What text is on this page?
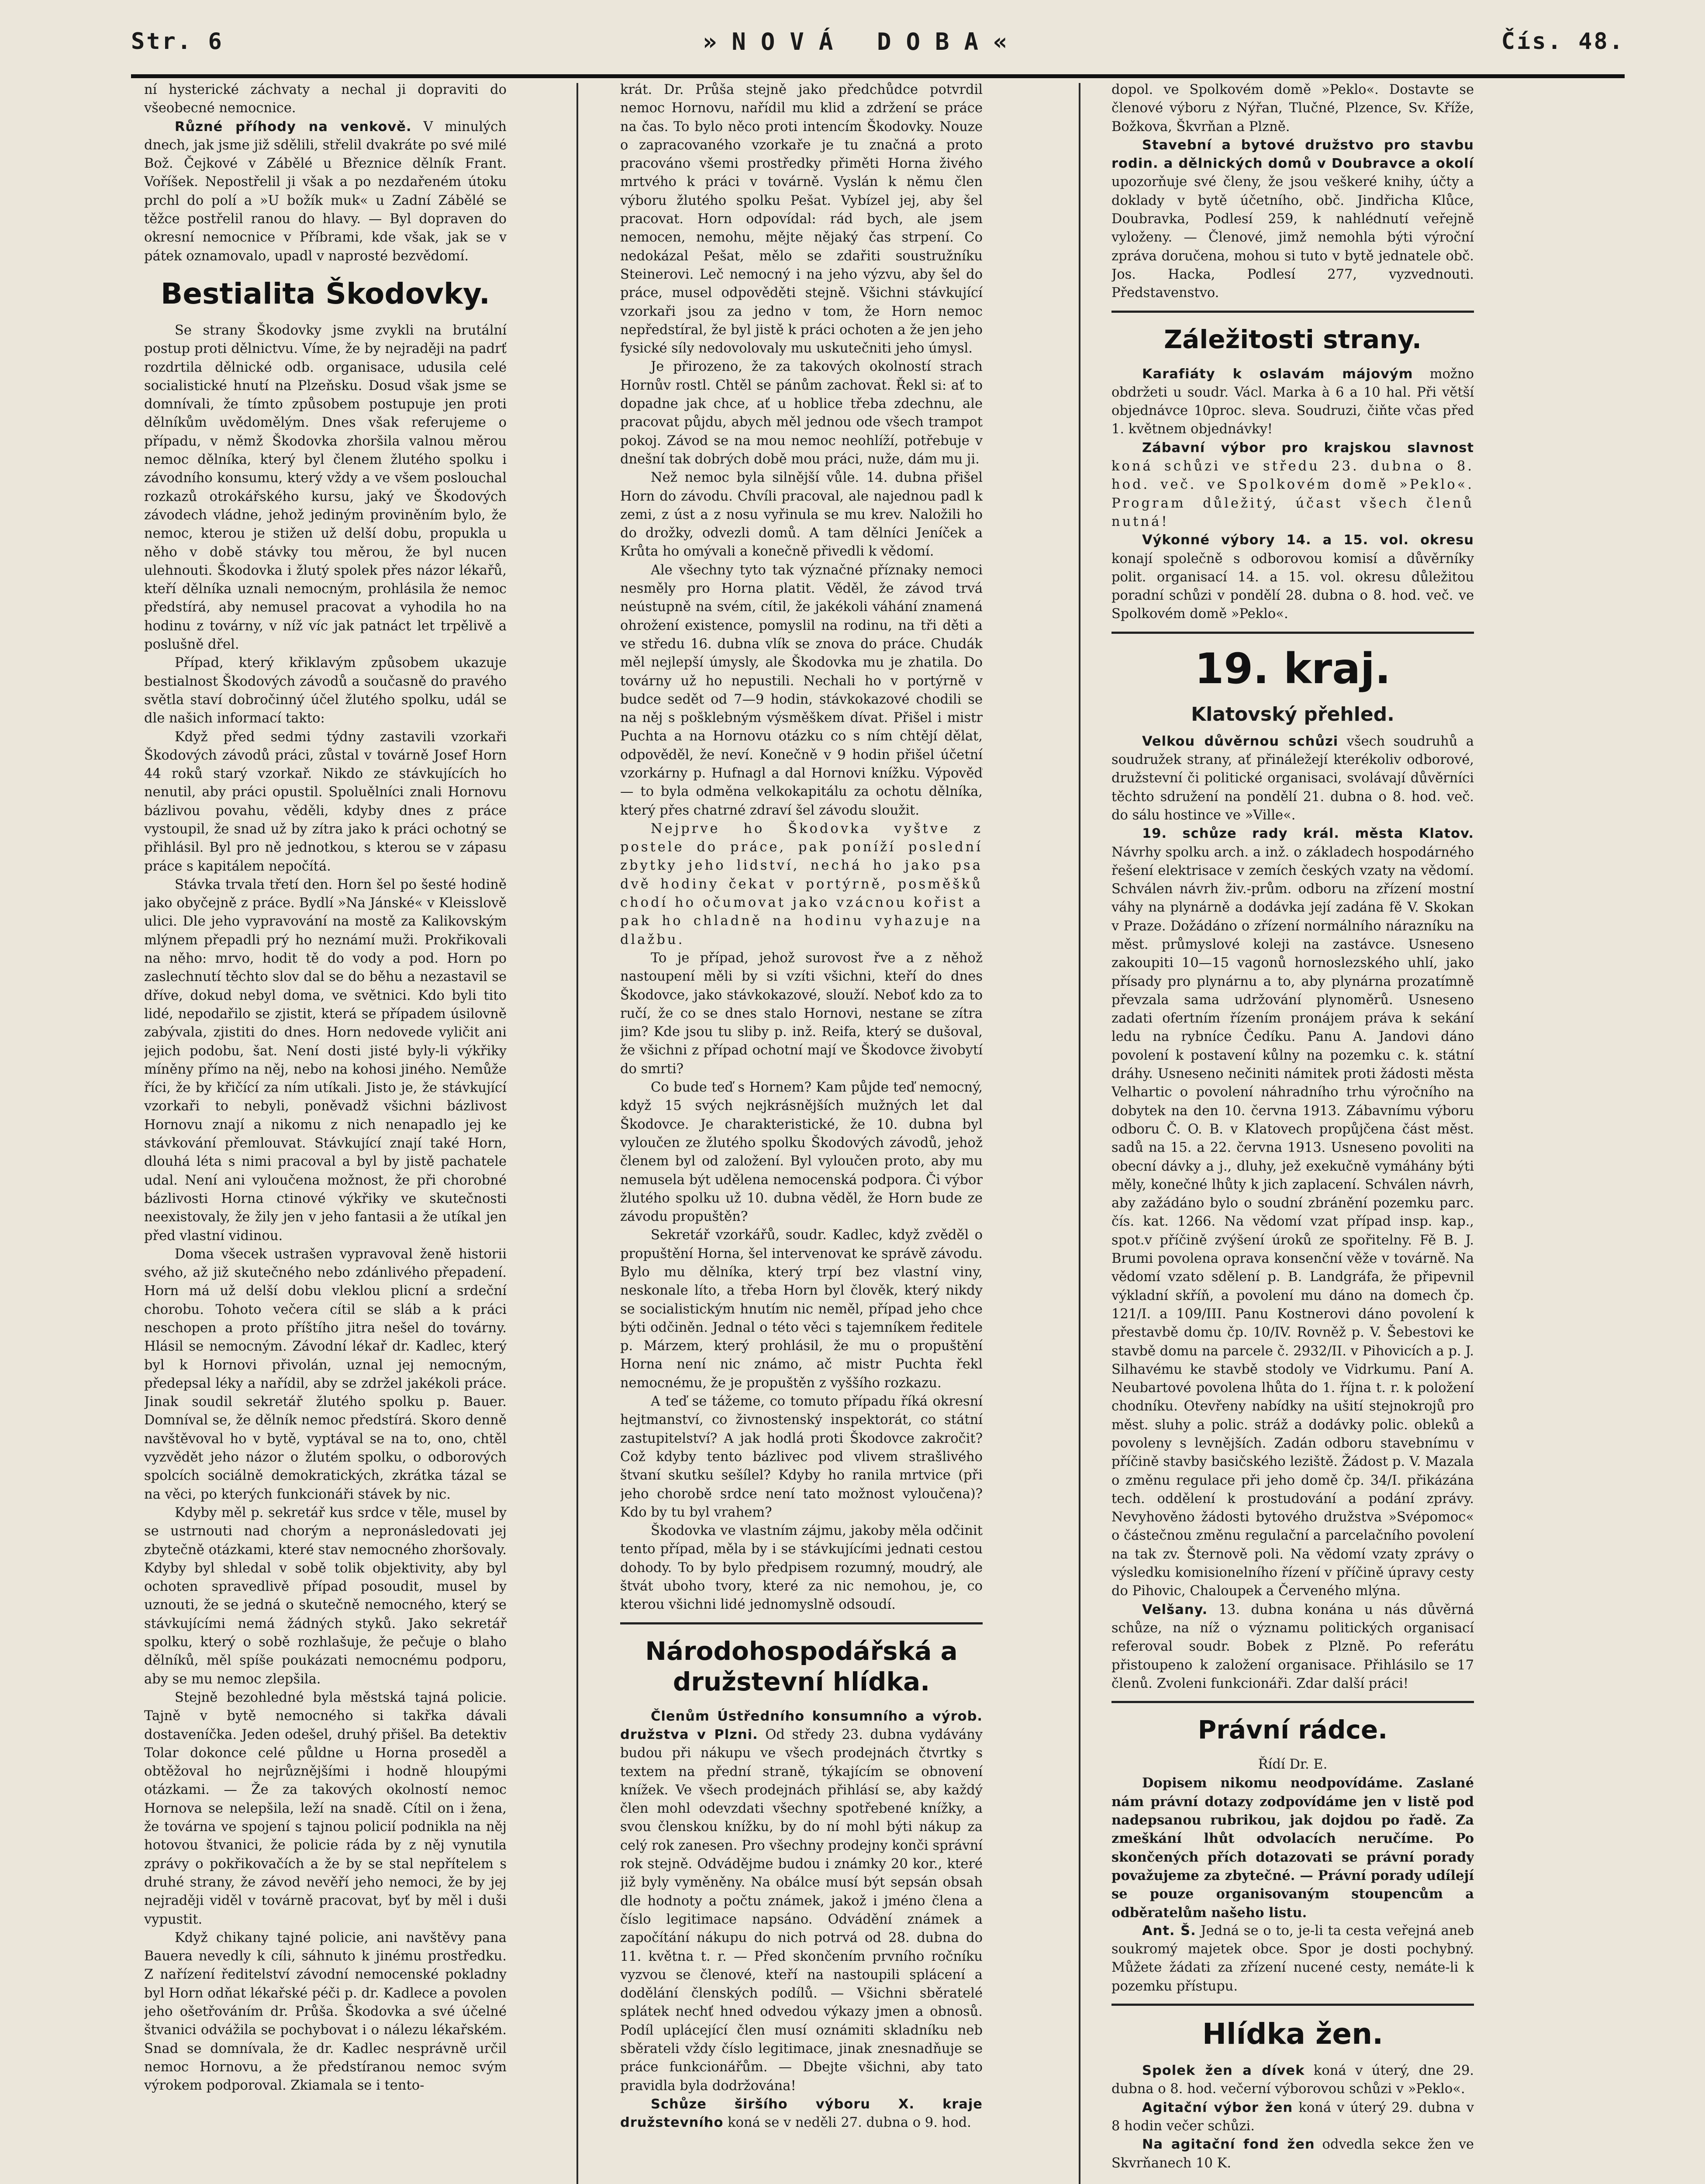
Str. 6	»NOVÁ DOBA«	Čís. 48.

ní hysterické záchvaty a nechal ji dopraviti do všeobecné nemocnice.

Různé příhody na venkově. V minulých dnech, jak jsme již sdělili, střelil dvakráte po své milé Bož. Čejkové v Zábělé u Březnice dělník Frant. Voříšek. Nepostřelil ji však a po nezdařeném útoku prchl do polí a »U božík muk« u Zadní Zábělé se těžce postřelil ranou do hlavy. — Byl dopraven do okresní nemocnice v Příbrami, kde však, jak se v pátek oznamovalo, upadl v naprosté bezvědomí.

Bestialita Škodovky.

Se strany Škodovky jsme zvykli na brutální postup proti dělnictvu. Víme, že by nejraději na padrť rozdrtila dělnické odb. organisace, udusila celé socialistické hnutí na Plzeňsku. Dosud však jsme se domnívali, že tímto způsobem postupuje jen proti dělníkům uvědomělým. Dnes však referujeme o případu, v němž Škodovka zhoršila valnou měrou nemoc dělníka, který byl členem žlutého spolku i závodního konsumu, který vždy a ve všem poslouchal rozkazů otrokářského kursu, jaký ve Škodových závodech vládne, jehož jediným proviněním bylo, že nemoc, kterou je stižen už delší dobu, propukla u něho v době stávky tou měrou, že byl nucen ulehnouti. Škodovka i žlutý spolek přes názor lékařů, kteří dělníka uznali nemocným, prohlásila že nemoc předstírá, aby nemusel pracovat a vyhodila ho na hodinu z továrny, v níž víc jak patnáct let trpělivě a poslušně dřel.

Případ, který křiklavým způsobem ukazuje bestialnost Škodových závodů a současně do pravého světla staví dobročinný účel žlutého spolku, udál se dle našich informací takto:

Když před sedmi týdny zastavili vzorkaři Škodových závodů práci, zůstal v továrně Josef Horn 44 roků starý vzorkař. Nikdo ze stávkujících ho nenutil, aby práci opustil. Spoluělníci znali Hornovu bázlivou povahu, věděli, kdyby dnes z práce vystoupil, že snad už by zítra jako k práci ochotný se přihlásil. Byl pro ně jednotkou, s kterou se v zápasu práce s kapitálem nepočítá.

Stávka trvala třetí den. Horn šel po šesté hodině jako obyčejně z práce. Bydlí »Na Jánské« v Kleisslově ulici. Dle jeho vypravování na mostě za Kalikovským mlýnem přepadli prý ho neznámí muži. Prokřikovali na něho: mrvo, hodit tě do vody a pod. Horn po zaslechnutí těchto slov dal se do běhu a nezastavil se dříve, dokud nebyl doma, ve světnici. Kdo byli tito lidé, nepodařilo se zjistit, která se případem úsilovně zabývala, zjistiti do dnes. Horn nedovede vyličit ani jejich podobu, šat. Není dosti jisté byly-li výkřiky míněny přímo na něj, nebo na kohosi jiného. Nemůže říci, že by křičící za ním utíkali. Jisto je, že stávkující vzorkaři to nebyli, poněvadž všichni bázlivost Hornovu znají a nikomu z nich nenapadlo jej ke stávkování přemlouvat. Stávkující znají také Horn, dlouhá léta s nimi pracoval a byl by jistě pachatele udal. Není ani vyloučena možnost, že při chorobné bázlivosti Horna ctinové výkřiky ve skutečnosti neexistovaly, že žily jen v jeho fantasii a že utíkal jen před vlastní vidinou.

Doma všecek ustrašen vypravoval ženě historii svého, až již skutečného nebo zdánlivého přepadení. Horn má už delší dobu vleklou plicní a srdeční chorobu. Tohoto večera cítil se sláb a k práci neschopen a proto příštího jitra nešel do továrny. Hlásil se nemocným. Závodní lékař dr. Kadlec, který byl k Hornovi přivolán, uznal jej nemocným, předepsal léky a nařídil, aby se zdržel jakékoli práce. Jinak soudil sekretář žlutého spolku p. Bauer. Domníval se, že dělník nemoc předstírá. Skoro denně navštěvoval ho v bytě, vyptával se na to, ono, chtěl vyzvědět jeho názor o žlutém spolku, o odborových spolcích sociálně demokratických, zkrátka tázal se na věci, po kterých funkcionáři stávek by nic.

Kdyby měl p. sekretář kus srdce v těle, musel by se ustrnouti nad chorým a nepronásledovati jej zbytečně otázkami, které stav nemocného zhoršovaly. Kdyby byl shledal v sobě tolik objektivity, aby byl ochoten spravedlivě případ posoudit, musel by uznouti, že se jedná o skutečně nemocného, který se stávkujícími nemá žádných styků. Jako sekretář spolku, který o sobě rozhlašuje, že pečuje o blaho dělníků, měl spíše poukázati nemocnému podporu, aby se mu nemoc zlepšila.

Stejně bezohledné byla městská tajná policie. Tajně v bytě nemocného si takřka dávali dostaveníčka. Jeden odešel, druhý přišel. Ba detektiv Tolar dokonce celé půldne u Horna proseděl a obtěžoval ho nejrůznějšími i hodně hloupými otázkami. — Že za takových okolností nemoc Hornova se nelepšila, leží na snadě. Cítil on i žena, že továrna ve spojení s tajnou policií podnikla na něj hotovou štvanici, že policie ráda by z něj vynutila zprávy o pokřikovačích a že by se stal nepřítelem s druhé strany, že závod nevěří jeho nemoci, že by jej nejraději viděl v továrně pracovat, byť by měl i duši vypustit.

Když chikany tajné policie, ani navštěvy pana Bauera nevedly k cíli, sáhnuto k jinému prostředku. Z nařízení ředitelství závodní nemocenské pokladny byl Horn odňat lékařské péči p. dr. Kadlece a povolen jeho ošetřováním dr. Průša. Škodovka a své účelné štvanici odvážila se pochybovat i o nálezu lékařském. Snad se domnívala, že dr. Kadlec nesprávně určil nemoc Hornovu, a že předstíranou nemoc svým výrokem podporoval. Zkiamala se i tento-

krát. Dr. Průša stejně jako předchůdce potvrdil nemoc Hornovu, nařídil mu klid a zdržení se práce na čas. To bylo něco proti intencím Škodovky. Nouze o zapracovaného vzorkaře je tu značná a proto pracováno všemi prostředky přiměti Horna živého mrtvého k práci v továrně. Vyslán k němu člen výboru žlutého spolku Pešat. Vybízel jej, aby šel pracovat. Horn odpovídal: rád bych, ale jsem nemocen, nemohu, mějte nějaký čas strpení. Co nedokázal Pešat, mělo se zdařiti soustružníku Steinerovi. Leč nemocný i na jeho výzvu, aby šel do práce, musel odpověděti stejně. Všichni stávkující vzorkaři jsou za jedno v tom, že Horn nemoc nepředstíral, že byl jistě k práci ochoten a že jen jeho fysické síly nedovolovaly mu uskutečniti jeho úmysl.

Je přirozeno, že za takových okolností strach Hornův rostl. Chtěl se pánům zachovat. Řekl si: ať to dopadne jak chce, ať u hoblice třeba zdechnu, ale pracovat půjdu, abych měl jednou ode všech trampot pokoj. Závod se na mou nemoc neohlíží, potřebuje v dnešní tak dobrých době mou práci, nuže, dám mu ji.

Než nemoc byla silnější vůle. 14. dubna přišel Horn do závodu. Chvíli pracoval, ale najednou padl k zemi, z úst a z nosu vyřinula se mu krev. Naložili ho do drožky, odvezli domů. A tam dělníci Jeníček a Krůta ho omývali a konečně přivedli k vědomí.

Ale všechny tyto tak význačné příznaky nemoci nesměly pro Horna platit. Věděl, že závod trvá neústupně na svém, cítil, že jakékoli váhání znamená ohrožení existence, pomyslil na rodinu, na tři děti a ve středu 16. dubna vlík se znova do práce. Chudák měl nejlepší úmysly, ale Škodovka mu je zhatila. Do továrny už ho nepustili. Nechali ho v portýrně v budce sedět od 7—9 hodin, stávkokazové chodili se na něj s pošklebným výsměškem dívat. Přišel i mistr Puchta a na Hornovu otázku co s ním chtějí dělat, odpověděl, že neví. Konečně v 9 hodin přišel účetní vzorkárny p. Hufnagl a dal Hornovi knížku. Výpověď — to byla odměna velkokapitálu za ochotu dělníka, který přes chatrné zdraví šel závodu sloužit.

Nejprve ho Škodovka vyštve z postele do práce, pak poníží poslední zbytky jeho lidství, nechá ho jako psa dvě hodiny čekat v portýrně, posměšků chodí ho očumovat jako vzácnou kořist a pak ho chladně na hodinu vyhazuje na dlažbu.

To je případ, jehož surovost řve a z něhož nastoupení měli by si vzíti všichni, kteří do dnes Škodovce, jako stávkokazové, slouží. Neboť kdo za to ručí, že co se dnes stalo Hornovi, nestane se zítra jim? Kde jsou tu sliby p. inž. Reifa, který se dušoval, že všichni z případ ochotní mají ve Škodovce živobytí do smrti?

Co bude teď s Hornem? Kam půjde teď nemocný, když 15 svých nejkrásnějších mužných let dal Škodovce. Je charakteristické, že 10. dubna byl vyloučen ze žlutého spolku Škodových závodů, jehož členem byl od založení. Byl vyloučen proto, aby mu nemusela být udělena nemocenská podpora. Či výbor žlutého spolku už 10. dubna věděl, že Horn bude ze závodu propuštěn?

Sekretář vzorkářů, soudr. Kadlec, když zvěděl o propuštění Horna, šel intervenovat ke správě závodu. Bylo mu dělníka, který trpí bez vlastní viny, neskonale líto, a třeba Horn byl člověk, který nikdy se socialistickým hnutím nic neměl, případ jeho chce býti odčiněn. Jednal o této věci s tajemníkem ředitele p. Márzem, který prohlásil, že mu o propuštění Horna není nic známo, ač mistr Puchta řekl nemocnému, že je propuštěn z vyššího rozkazu.

A teď se tážeme, co tomuto případu říká okresní hejtmanství, co živnostenský inspektorát, co státní zastupitelství? A jak hodlá proti Škodovce zakročit? Což kdyby tento bázlivec pod vlivem strašlivého štvaní skutku sešílel? Kdyby ho ranila mrtvice (při jeho chorobě srdce není tato možnost vyloučena)? Kdo by tu byl vrahem?

Škodovka ve vlastním zájmu, jakoby měla odčinit tento případ, měla by i se stávkujícími jednati cestou dohody. To by bylo předpisem rozumný, moudrý, ale štvát uboho tvory, které za nic nemohou, je, co kterou všichni lidé jednomyslně odsoudí.

Národohospodářská a družstevní hlídka.

Členům Ústředního konsumního a výrob. družstva v Plzni. Od středy 23. dubna vydávány budou při nákupu ve všech prodejnách čtvrtky s textem na přední straně, týkajícím se obnovení knížek. Ve všech prodejnách přihlásí se, aby každý člen mohl odevzdati všechny spotřebené knížky, a svou členskou knížku, by do ní mohl býti nákup za celý rok zanesen. Pro všechny prodejny konči správní rok stejně. Odvádějme budou i známky 20 kor., které již byly vyměněny. Na obálce musí být sepsán obsah dle hodnoty a počtu známek, jakož i jméno člena a číslo legitimace napsáno. Odvádění známek a započítání nákupu do nich potrvá od 28. dubna do 11. května t. r. — Před skončením prvního ročníku vyzvou se členové, kteří na nastoupili splácení a dodělání členských podílů. — Všichni sběratelé splátek nechť hned odvedou výkazy jmen a obnosů. Podíl uplácející člen musí oznámiti skladníku neb sběrateli vždy číslo legitimace, jinak znesnadňuje se práce funkcionářům. — Dbejte všichni, aby tato pravidla byla dodržována!

Schůze širšího výboru X. kraje družstevního koná se v neděli 27. dubna o 9. hod.

dopol. ve Spolkovém domě »Peklo«. Dostavte se členové výboru z Nýřan, Tlučné, Plzence, Sv. Kříže, Božkova, Škvrňan a Plzně.

Stavební a bytové družstvo pro stavbu rodin. a dělnických domů v Doubravce a okolí upozorňuje své členy, že jsou veškeré knihy, účty a doklady v bytě účetního, obč. Jindřicha Klůce, Doubravka, Podlesí 259, k nahlédnutí veřejně vyloženy. — Členové, jimž nemohla býti výroční zpráva doručena, mohou si tuto v bytě jednatele obč. Jos. Hacka, Podlesí 277, vyzvednouti. Představenstvo.

Záležitosti strany.

Karafiáty k oslavám májovým možno obdržeti u soudr. Václ. Marka à 6 a 10 hal. Při větší objednávce 10proc. sleva. Soudruzi, čiňte včas před 1. květnem objednávky!

Zábavní výbor pro krajskou slavnost koná schůzi ve středu 23. dubna o 8. hod. več. ve Spolkovém domě »Peklo«. Program důležitý, účast všech členů nutná!

Výkonné výbory 14. a 15. vol. okresu konají společně s odborovou komisí a důvěrníky polit. organisací 14. a 15. vol. okresu důležitou poradní schůzi v pondělí 28. dubna o 8. hod. več. ve Spolkovém domě »Peklo«.

19. kraj.
Klatovský přehled.

Velkou důvěrnou schůzi všech soudruhů a soudružek strany, ať přináležejí kterékoliv odborové, družstevní či politické organisaci, svolávají důvěrníci těchto sdružení na pondělí 21. dubna o 8. hod. več. do sálu hostince ve »Ville«.

19. schůze rady král. města Klatov. Návrhy spolku arch. a inž. o základech hospodárného řešení elektrisace v zemích českých vzaty na vědomí. Schválen návrh živ.-prům. odboru na zřízení mostní váhy na plynárně a dodávka její zadána fě V. Skokan v Praze. Dožádáno o zřízení normálního nárazníku na měst. průmyslové koleji na zastávce. Usneseno zakoupiti 10—15 vagonů hornoslezského uhlí, jako přísady pro plynárnu a to, aby plynárna prozatímně převzala sama udržování plynoměrů. Usneseno zadati ofertním řízením pronájem práva k sekání ledu na rybníce Čedíku. Panu A. Jandovi dáno povolení k postavení kůlny na pozemku c. k. státní dráhy. Usneseno nečiniti námitek proti žádosti města Velhartic o povolení náhradního trhu výročního na dobytek na den 10. června 1913. Zábavnímu výboru odboru Č. O. B. v Klatovech propůjčena část měst. sadů na 15. a 22. června 1913. Usneseno povoliti na obecní dávky a j., dluhy, jež exekučně vymáhány býti měly, konečné lhůty k jich zaplacení. Schválen návrh, aby zažádáno bylo o soudní zbránění pozemku parc. čís. kat. 1266. Na vědomí vzat případ insp. kap., spot.v příčině zvýšení úroků ze spořitelny. Fě B. J. Brumi povolena oprava konsenční věže v továrně. Na vědomí vzato sdělení p. B. Landgráfa, že připevnil výkladní skříň, a povolení mu dáno na domech čp. 121/I. a 109/III. Panu Kostnerovi dáno povolení k přestavbě domu čp. 10/IV. Rovněž p. V. Šebestovi ke stavbě domu na parcele č. 2932/II. v Pihovicích a p. J. Silhavému ke stavbě stodoly ve Vidrkumu. Paní A. Neubartové povolena lhůta do 1. října t. r. k položení chodníku. Otevřeny nabídky na ušití stejnokrojů pro měst. sluhy a polic. stráž a dodávky polic. obleků a povoleny s levnějších. Zadán odboru stavebnímu v příčině stavby basičského leziště. Žádost p. V. Mazala o změnu regulace při jeho domě čp. 34/I. přikázána tech. oddělení k prostudování a podání zprávy. Nevyhověno žádosti bytového družstva »Svépomoc« o částečnou změnu regulační a parcelačního povolení na tak zv. Šternově poli. Na vědomí vzaty zprávy o výsledku komisionelního řízení v příčině úpravy cesty do Pihovic, Chaloupek a Červeného mlýna.

Velšany. 13. dubna konána u nás důvěrná schůze, na níž o významu politických organisací referoval soudr. Bobek z Plzně. Po referátu přistoupeno k založení organisace. Přihlásilo se 17 členů. Zvoleni funkcionáři. Zdar další práci!

Právní rádce.

Řídí Dr. E.

Dopisem nikomu neodpovídáme. Zaslané nám právní dotazy zodpovídáme jen v listě pod nadepsanou rubrikou, jak dojdou po řadě. Za zmeškání lhůt odvolacích neručíme. Po skončených přích dotazovati se právní porady považujeme za zbytečné. — Právní porady udílejí se pouze organisovaným stoupencům a odběratelům našeho listu.

Ant. Š. Jedná se o to, je-li ta cesta veřejná aneb soukromý majetek obce. Spor je dosti pochybný. Můžete žádati za zřízení nucené cesty, nemáte-li k pozemku přístupu.

Hlídka žen.

Spolek žen a dívek koná v úterý, dne 29. dubna o 8. hod. večerní výborovou schůzi v »Peklo«.

Agitační výbor žen koná v úterý 29. dubna v 8 hodin večer schůzi.

Na agitační fond žen odvedla sekce žen ve Skvrňanech 10 K.
